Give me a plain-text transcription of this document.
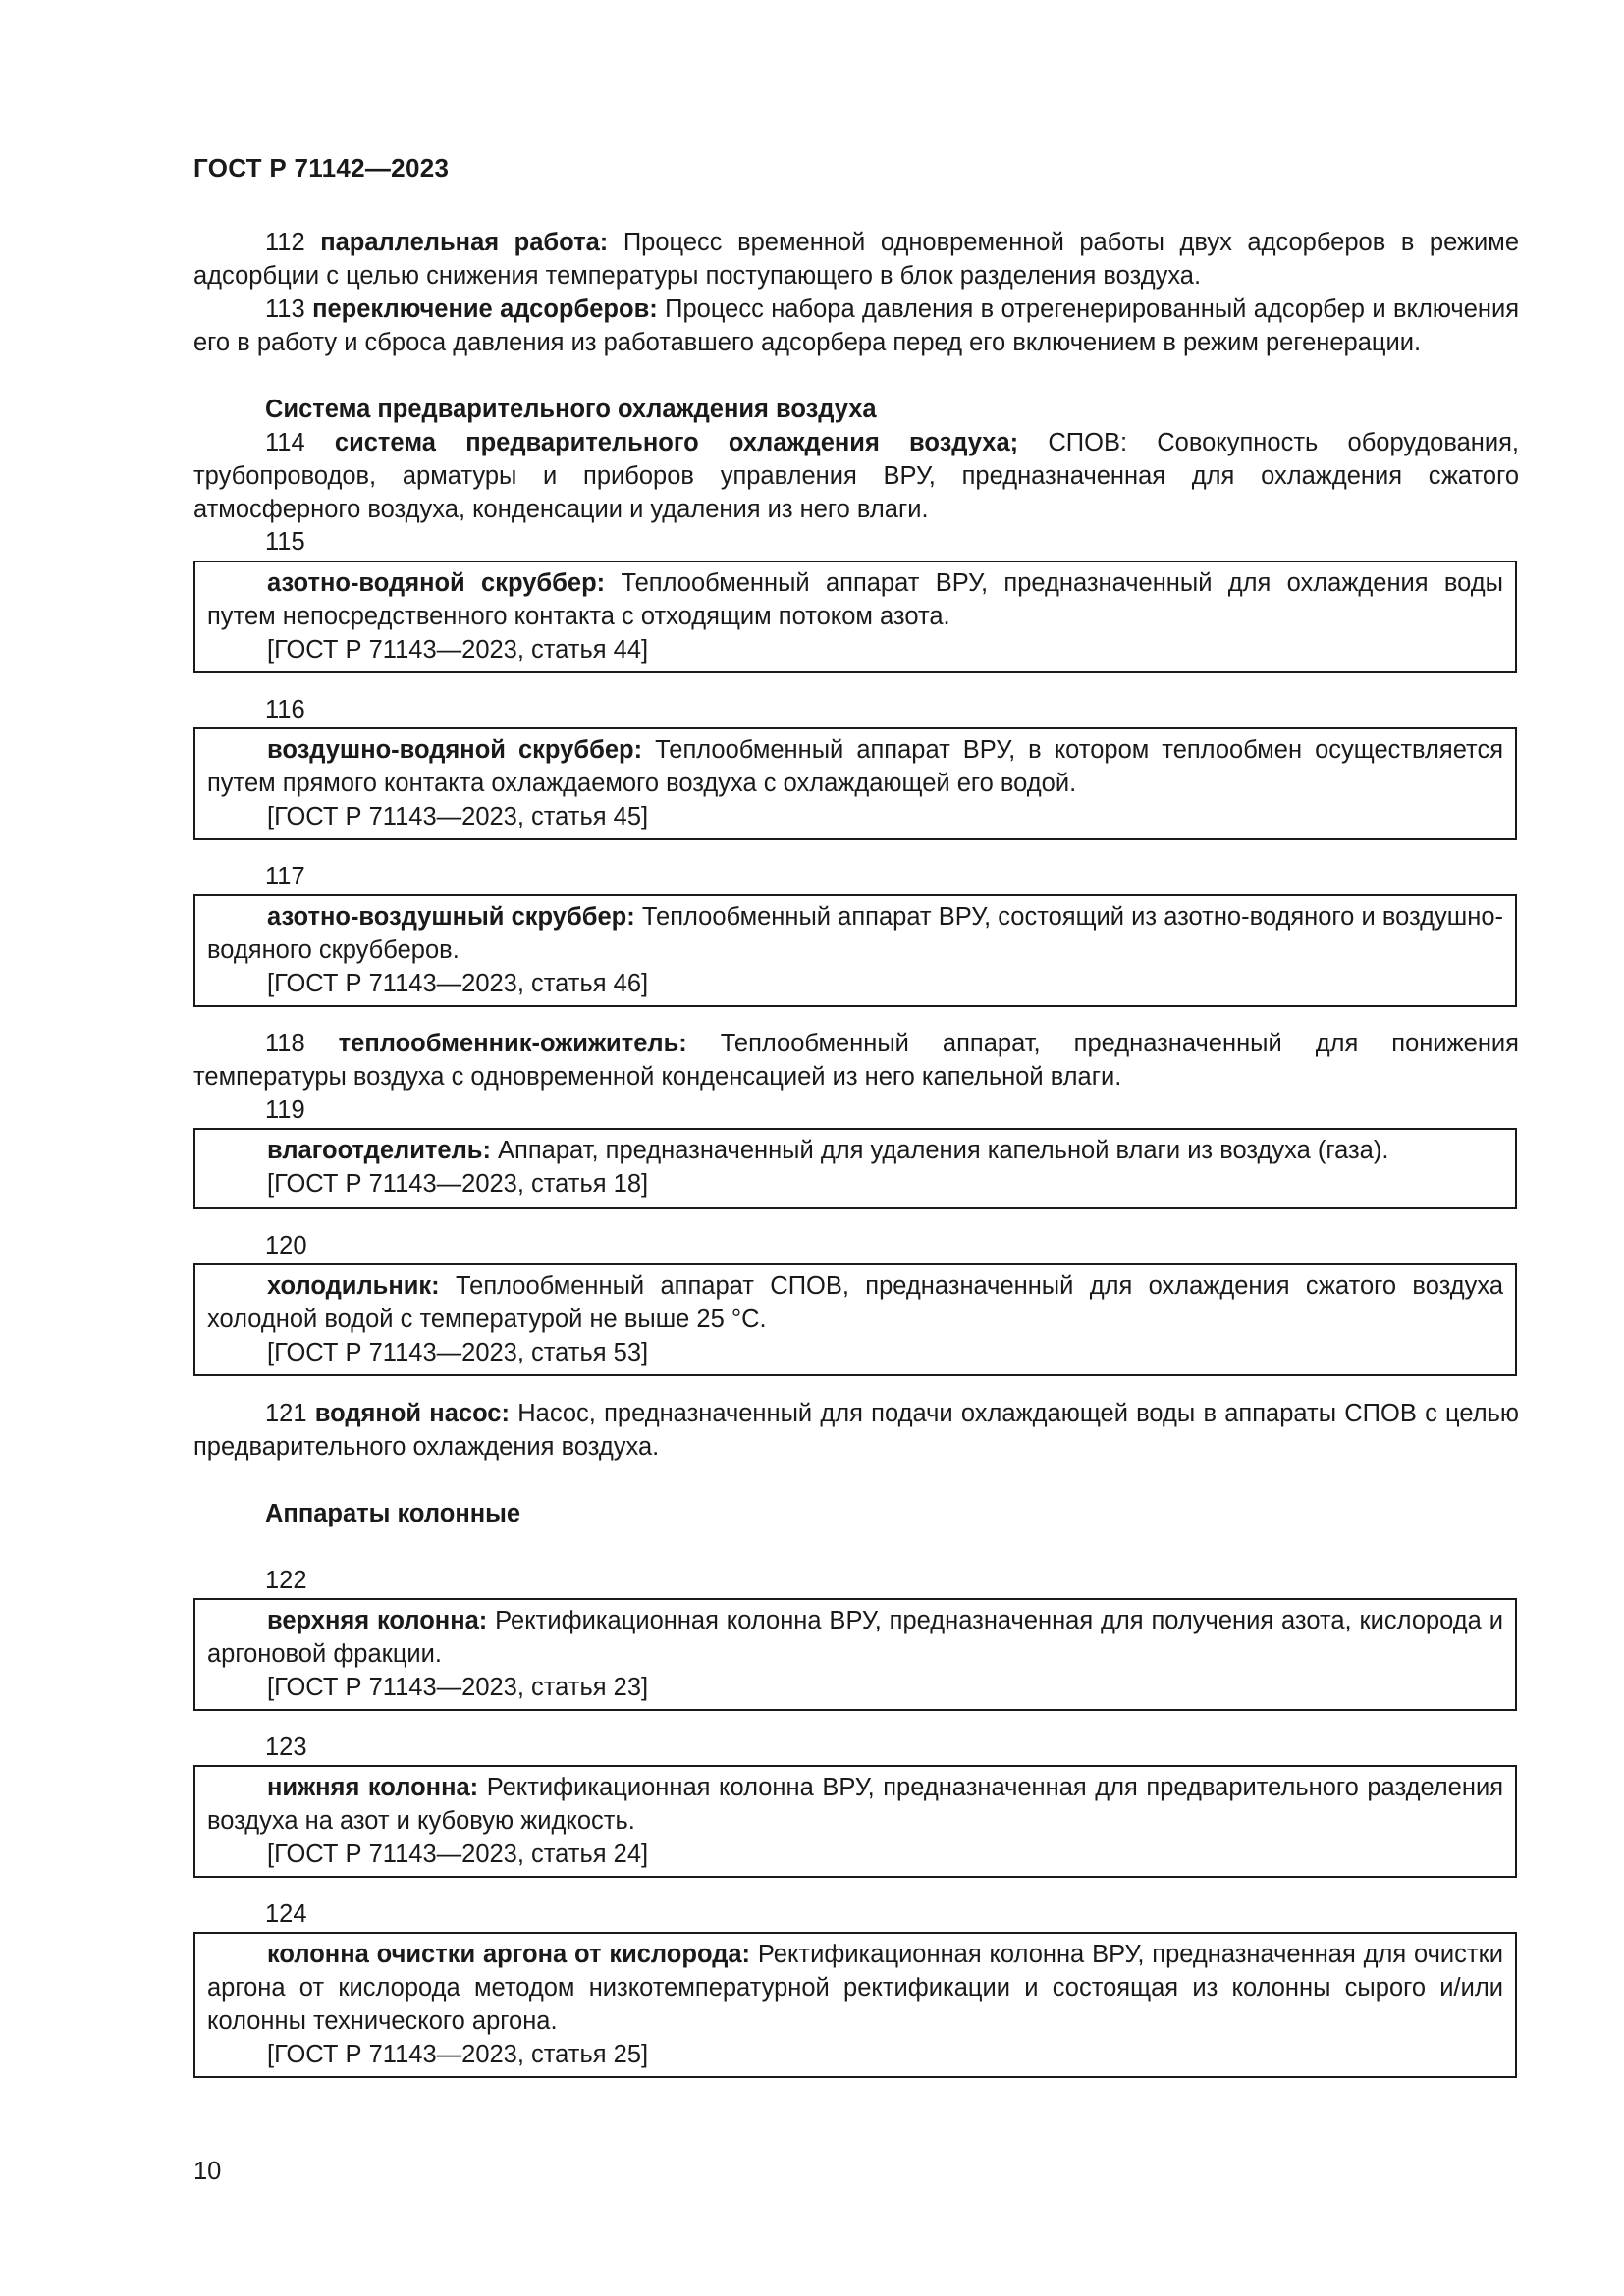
ГОСТ Р 71142—2023
112 параллельная работа: Процесс временной одновременной работы двух адсорберов в режиме адсорбции с целью снижения температуры поступающего в блок разделения воздуха.
113 переключение адсорберов: Процесс набора давления в отрегенерированный адсорбер и включения его в работу и сброса давления из работавшего адсорбера перед его включением в режим регенерации.
Система предварительного охлаждения воздуха
114 система предварительного охлаждения воздуха; СПОВ: Совокупность оборудования, трубопроводов, арматуры и приборов управления ВРУ, предназначенная для охлаждения сжатого атмосферного воздуха, конденсации и удаления из него влаги.
115
азотно-водяной скруббер: Теплообменный аппарат ВРУ, предназначенный для охлаждения воды путем непосредственного контакта с отходящим потоком азота.
[ГОСТ Р 71143—2023, статья 44]
116
воздушно-водяной скруббер: Теплообменный аппарат ВРУ, в котором теплообмен осуществляется путем прямого контакта охлаждаемого воздуха с охлаждающей его водой.
[ГОСТ Р 71143—2023, статья 45]
117
азотно-воздушный скруббер: Теплообменный аппарат ВРУ, состоящий из азотно-водяного и воздушно-водяного скрубберов.
[ГОСТ Р 71143—2023, статья 46]
118 теплообменник-ожижитель: Теплообменный аппарат, предназначенный для понижения температуры воздуха с одновременной конденсацией из него капельной влаги.
119
влагоотделитель: Аппарат, предназначенный для удаления капельной влаги из воздуха (газа).
[ГОСТ Р 71143—2023, статья 18]
120
холодильник: Теплообменный аппарат СПОВ, предназначенный для охлаждения сжатого воздуха холодной водой с температурой не выше 25 °С.
[ГОСТ Р 71143—2023, статья 53]
121 водяной насос: Насос, предназначенный для подачи охлаждающей воды в аппараты СПОВ с целью предварительного охлаждения воздуха.
Аппараты колонные
122
верхняя колонна: Ректификационная колонна ВРУ, предназначенная для получения азота, кислорода и аргоновой фракции.
[ГОСТ Р 71143—2023, статья 23]
123
нижняя колонна: Ректификационная колонна ВРУ, предназначенная для предварительного разделения воздуха на азот и кубовую жидкость.
[ГОСТ Р 71143—2023, статья 24]
124
колонна очистки аргона от кислорода: Ректификационная колонна ВРУ, предназначенная для очистки аргона от кислорода методом низкотемпературной ректификации и состоящая из колонны сырого и/или колонны технического аргона.
[ГОСТ Р 71143—2023, статья 25]
10
